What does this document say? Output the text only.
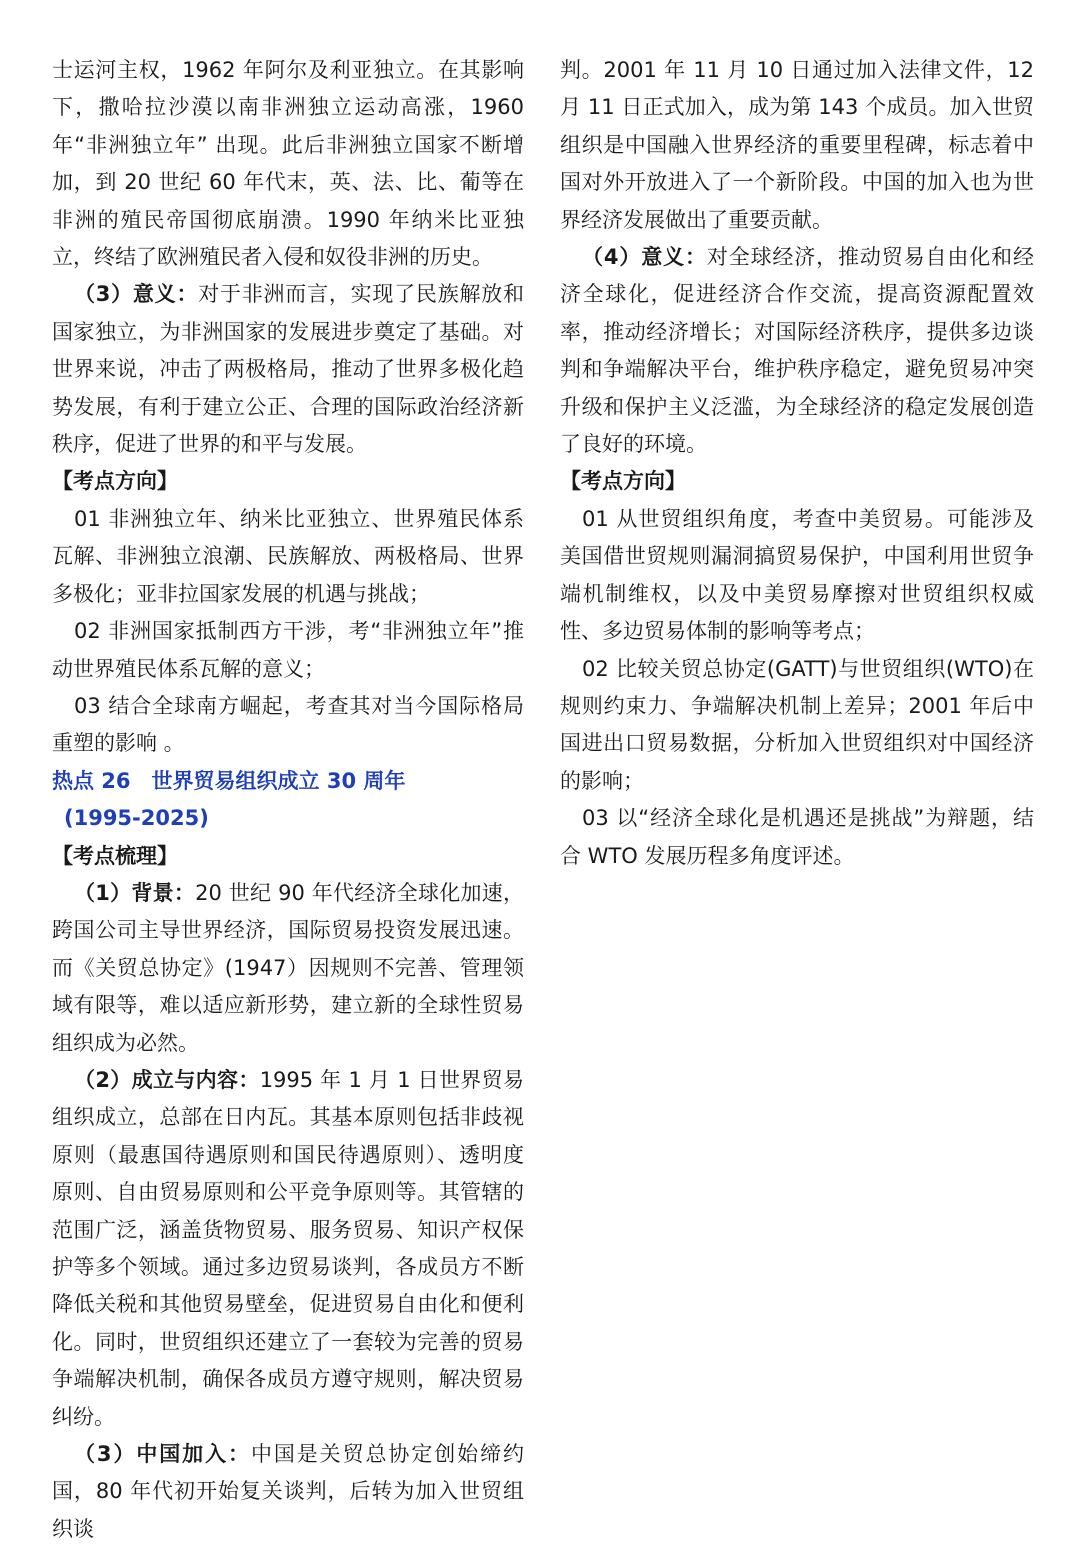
士运河主权，1962 年阿尔及利亚独立。在其影响下，撒哈拉沙漠以南非洲独立运动高涨，1960 年“非洲独立年” 出现。此后非洲独立国家不断增加，到 20 世纪 60 年代末，英、法、比、葡等在非洲的殖民帝国彻底崩溃。1990 年纳米比亚独立，终结了欧洲殖民者入侵和奴役非洲的历史。

（3）意义：对于非洲而言，实现了民族解放和国家独立，为非洲国家的发展进步奠定了基础。对世界来说，冲击了两极格局，推动了世界多极化趋势发展，有利于建立公正、合理的国际政治经济新秩序，促进了世界的和平与发展。

【考点方向】

01 非洲独立年、纳米比亚独立、世界殖民体系瓦解、非洲独立浪潮、民族解放、两极格局、世界多极化；亚非拉国家发展的机遇与挑战；

02 非洲国家抵制西方干涉，考“非洲独立年”推动世界殖民体系瓦解的意义；

03 结合全球南方崛起，考查其对当今国际格局重塑的影响 。

热点 26　世界贸易组织成立 30 周年

(1995-2025)

【考点梳理】

（1）背景：20 世纪 90 年代经济全球化加速，跨国公司主导世界经济，国际贸易投资发展迅速。而《关贸总协定》(1947）因规则不完善、管理领域有限等，难以适应新形势，建立新的全球性贸易组织成为必然。

（2）成立与内容：1995 年 1 月 1 日世界贸易组织成立，总部在日内瓦。其基本原则包括非歧视原则（最惠国待遇原则和国民待遇原则）、透明度原则、自由贸易原则和公平竞争原则等。其管辖的范围广泛，涵盖货物贸易、服务贸易、知识产权保护等多个领域。通过多边贸易谈判，各成员方不断降低关税和其他贸易壁垒，促进贸易自由化和便利化。同时，世贸组织还建立了一套较为完善的贸易争端解决机制，确保各成员方遵守规则，解决贸易纠纷。

（3）中国加入：中国是关贸总协定创始缔约国，80 年代初开始复关谈判，后转为加入世贸组织谈

判。2001 年 11 月 10 日通过加入法律文件，12 月 11 日正式加入，成为第 143 个成员。加入世贸组织是中国融入世界经济的重要里程碑，标志着中国对外开放进入了一个新阶段。中国的加入也为世界经济发展做出了重要贡献。

（4）意义：对全球经济，推动贸易自由化和经济全球化，促进经济合作交流，提高资源配置效率，推动经济增长；对国际经济秩序，提供多边谈判和争端解决平台，维护秩序稳定，避免贸易冲突升级和保护主义泛滥，为全球经济的稳定发展创造了良好的环境。

【考点方向】

01 从世贸组织角度，考查中美贸易。可能涉及美国借世贸规则漏洞搞贸易保护，中国利用世贸争端机制维权，以及中美贸易摩擦对世贸组织权威性、多边贸易体制的影响等考点；

02 比较关贸总协定(GATT)与世贸组织(WTO)在规则约束力、争端解决机制上差异；2001 年后中国进出口贸易数据，分析加入世贸组织对中国经济的影响；

03 以“经济全球化是机遇还是挑战”为辩题，结合 WTO 发展历程多角度评述。
